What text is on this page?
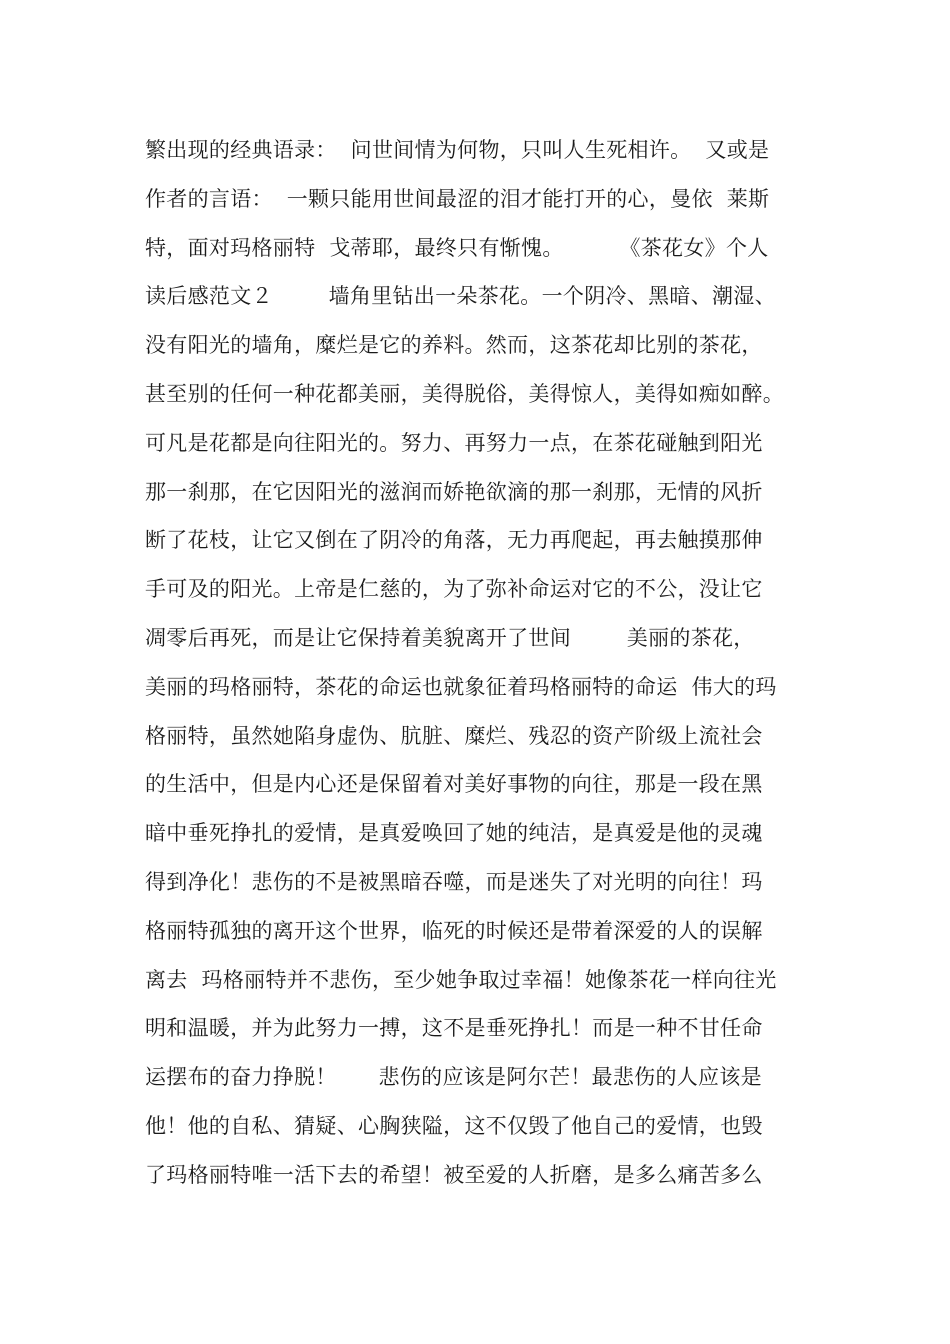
繁出现的经典语录：  问世间情为何物，只叫人生死相许。  又或是
作者的言语：  一颗只能用世间最涩的泪才能打开的心，曼依  莱斯
特，面对玛格丽特  戈蒂耶，最终只有惭愧。        《茶花女》个人
读后感范文２        墙角里钻出一朵茶花。一个阴冷、黑暗、潮湿、
没有阳光的墙角，糜烂是它的养料。然而，这茶花却比别的茶花，
甚至别的任何一种花都美丽，美得脱俗，美得惊人，美得如痴如醉。
可凡是花都是向往阳光的。努力、再努力一点，在茶花碰触到阳光
那一刹那，在它因阳光的滋润而娇艳欲滴的那一刹那，无情的风折
断了花枝，让它又倒在了阴冷的角落，无力再爬起，再去触摸那伸
手可及的阳光。上帝是仁慈的，为了弥补命运对它的不公，没让它
凋零后再死，而是让它保持着美貌离开了世间        美丽的茶花，
美丽的玛格丽特，茶花的命运也就象征着玛格丽特的命运  伟大的玛
格丽特，虽然她陷身虚伪、肮脏、糜烂、残忍的资产阶级上流社会
的生活中，但是内心还是保留着对美好事物的向往，那是一段在黑
暗中垂死挣扎的爱情，是真爱唤回了她的纯洁，是真爱是他的灵魂
得到净化！悲伤的不是被黑暗吞噬，而是迷失了对光明的向往！玛
格丽特孤独的离开这个世界，临死的时候还是带着深爱的人的误解
离去  玛格丽特并不悲伤，至少她争取过幸福！她像茶花一样向往光
明和温暖，并为此努力一搏，这不是垂死挣扎！而是一种不甘任命
运摆布的奋力挣脱！      悲伤的应该是阿尔芒！最悲伤的人应该是
他！他的自私、猜疑、心胸狭隘，这不仅毁了他自己的爱情，也毁
了玛格丽特唯一活下去的希望！被至爱的人折磨，是多么痛苦多么
